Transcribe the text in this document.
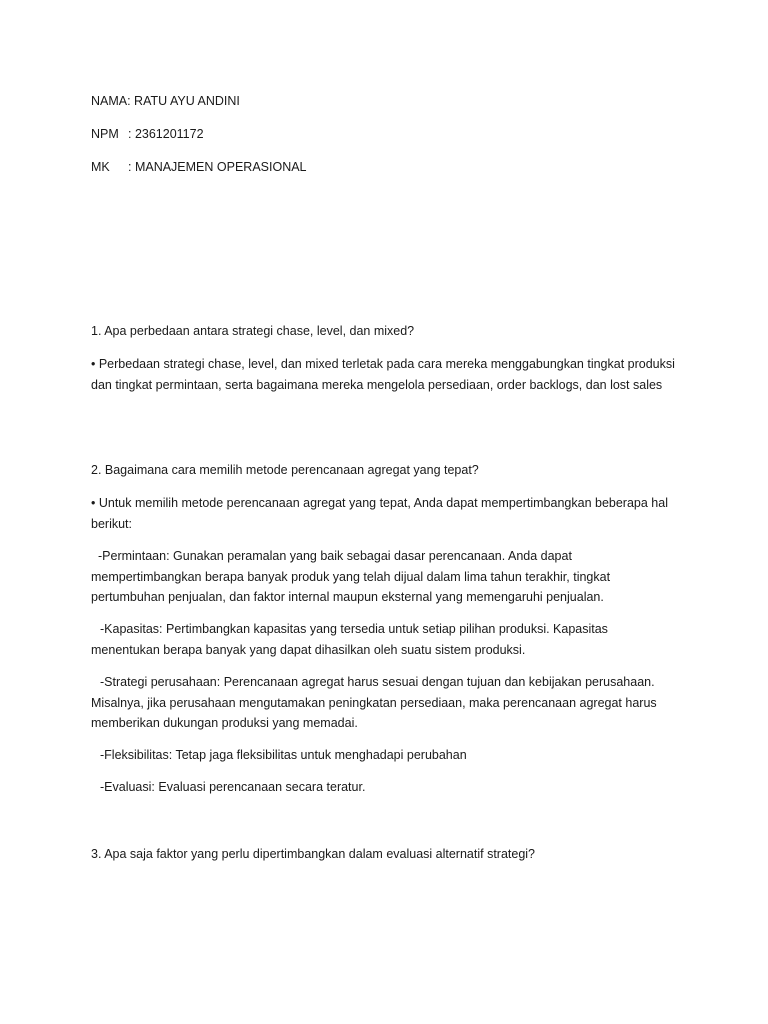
NAMA: RATU AYU ANDINI
NPM : 2361201172
MK : MANAJEMEN OPERASIONAL
1. Apa perbedaan antara strategi chase, level, dan mixed?
• Perbedaan strategi chase, level, dan mixed terletak pada cara mereka menggabungkan tingkat produksi dan tingkat permintaan, serta bagaimana mereka mengelola persediaan, order backlogs, dan lost sales
2. Bagaimana cara memilih metode perencanaan agregat yang tepat?
• Untuk memilih metode perencanaan agregat yang tepat, Anda dapat mempertimbangkan beberapa hal berikut:
-Permintaan: Gunakan peramalan yang baik sebagai dasar perencanaan. Anda dapat mempertimbangkan berapa banyak produk yang telah dijual dalam lima tahun terakhir, tingkat pertumbuhan penjualan, dan faktor internal maupun eksternal yang memengaruhi penjualan.
-Kapasitas: Pertimbangkan kapasitas yang tersedia untuk setiap pilihan produksi. Kapasitas menentukan berapa banyak yang dapat dihasilkan oleh suatu sistem produksi.
-Strategi perusahaan: Perencanaan agregat harus sesuai dengan tujuan dan kebijakan perusahaan. Misalnya, jika perusahaan mengutamakan peningkatan persediaan, maka perencanaan agregat harus memberikan dukungan produksi yang memadai.
-Fleksibilitas: Tetap jaga fleksibilitas untuk menghadapi perubahan
-Evaluasi: Evaluasi perencanaan secara teratur.
3. Apa saja faktor yang perlu dipertimbangkan dalam evaluasi alternatif strategi?
